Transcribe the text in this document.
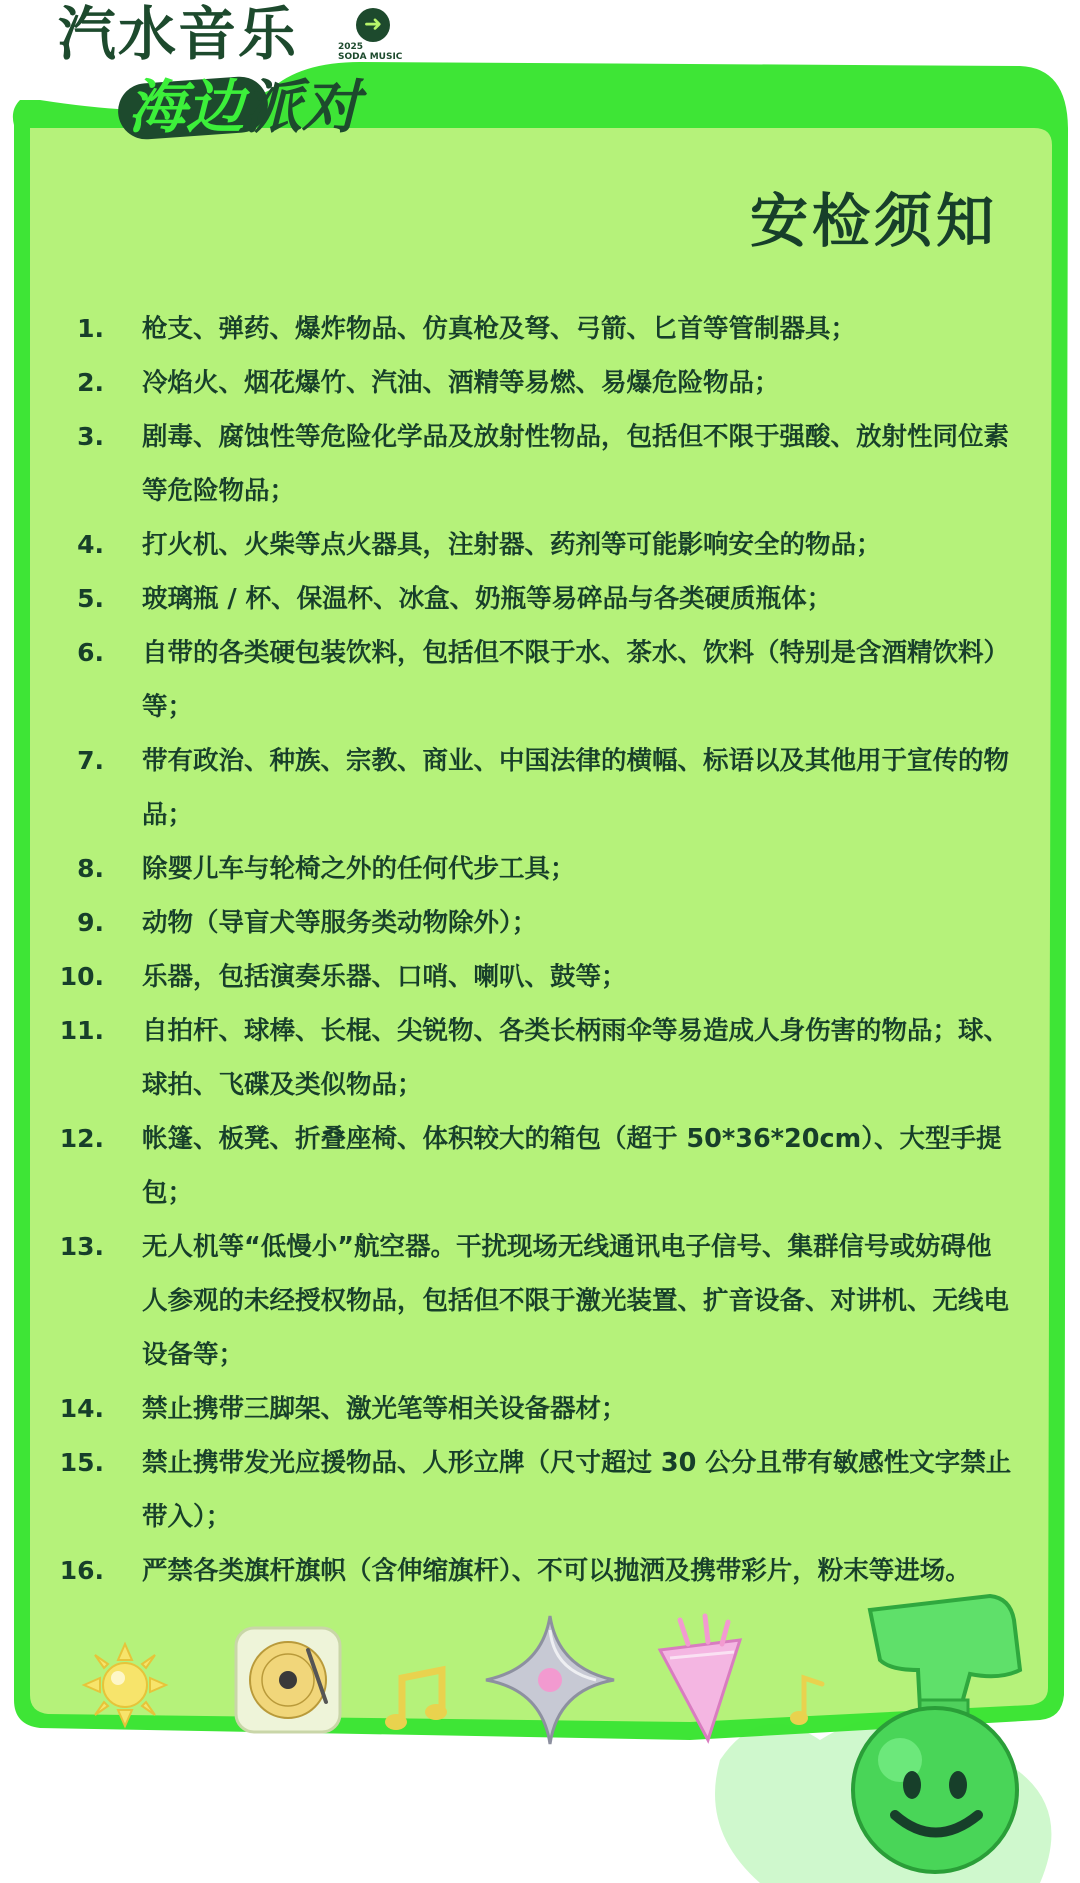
汽水音乐	➜
2025
SODA MUSIC
海边派对
安检须知
1.	枪支、弹药、爆炸物品、仿真枪及弩、弓箭、匕首等管制器具；
2.	冷焰火、烟花爆竹、汽油、酒精等易燃、易爆危险物品；
3.	剧毒、腐蚀性等危险化学品及放射性物品，包括但不限于强酸、放射性同位素等危险物品；
4.	打火机、火柴等点火器具，注射器、药剂等可能影响安全的物品；
5.	玻璃瓶 / 杯、保温杯、冰盒、奶瓶等易碎品与各类硬质瓶体；
6.	自带的各类硬包装饮料，包括但不限于水、茶水、饮料（特别是含酒精饮料）等；
7.	带有政治、种族、宗教、商业、中国法律的横幅、标语以及其他用于宣传的物品；
8.	除婴儿车与轮椅之外的任何代步工具；
9.	动物（导盲犬等服务类动物除外）；
10.	乐器，包括演奏乐器、口哨、喇叭、鼓等；
11.	自拍杆、球棒、长棍、尖锐物、各类长柄雨伞等易造成人身伤害的物品；球、球拍、飞碟及类似物品；
12.	帐篷、板凳、折叠座椅、体积较大的箱包（超于 50*36*20cm）、大型手提包；
13.	无人机等“低慢小”航空器。干扰现场无线通讯电子信号、集群信号或妨碍他人参观的未经授权物品，包括但不限于激光装置、扩音设备、对讲机、无线电设备等；
14.	禁止携带三脚架、激光笔等相关设备器材；
15.	禁止携带发光应援物品、人形立牌（尺寸超过 30 公分且带有敏感性文字禁止带入）；
16.	严禁各类旗杆旗帜（含伸缩旗杆）、不可以抛洒及携带彩片，粉末等进场。
